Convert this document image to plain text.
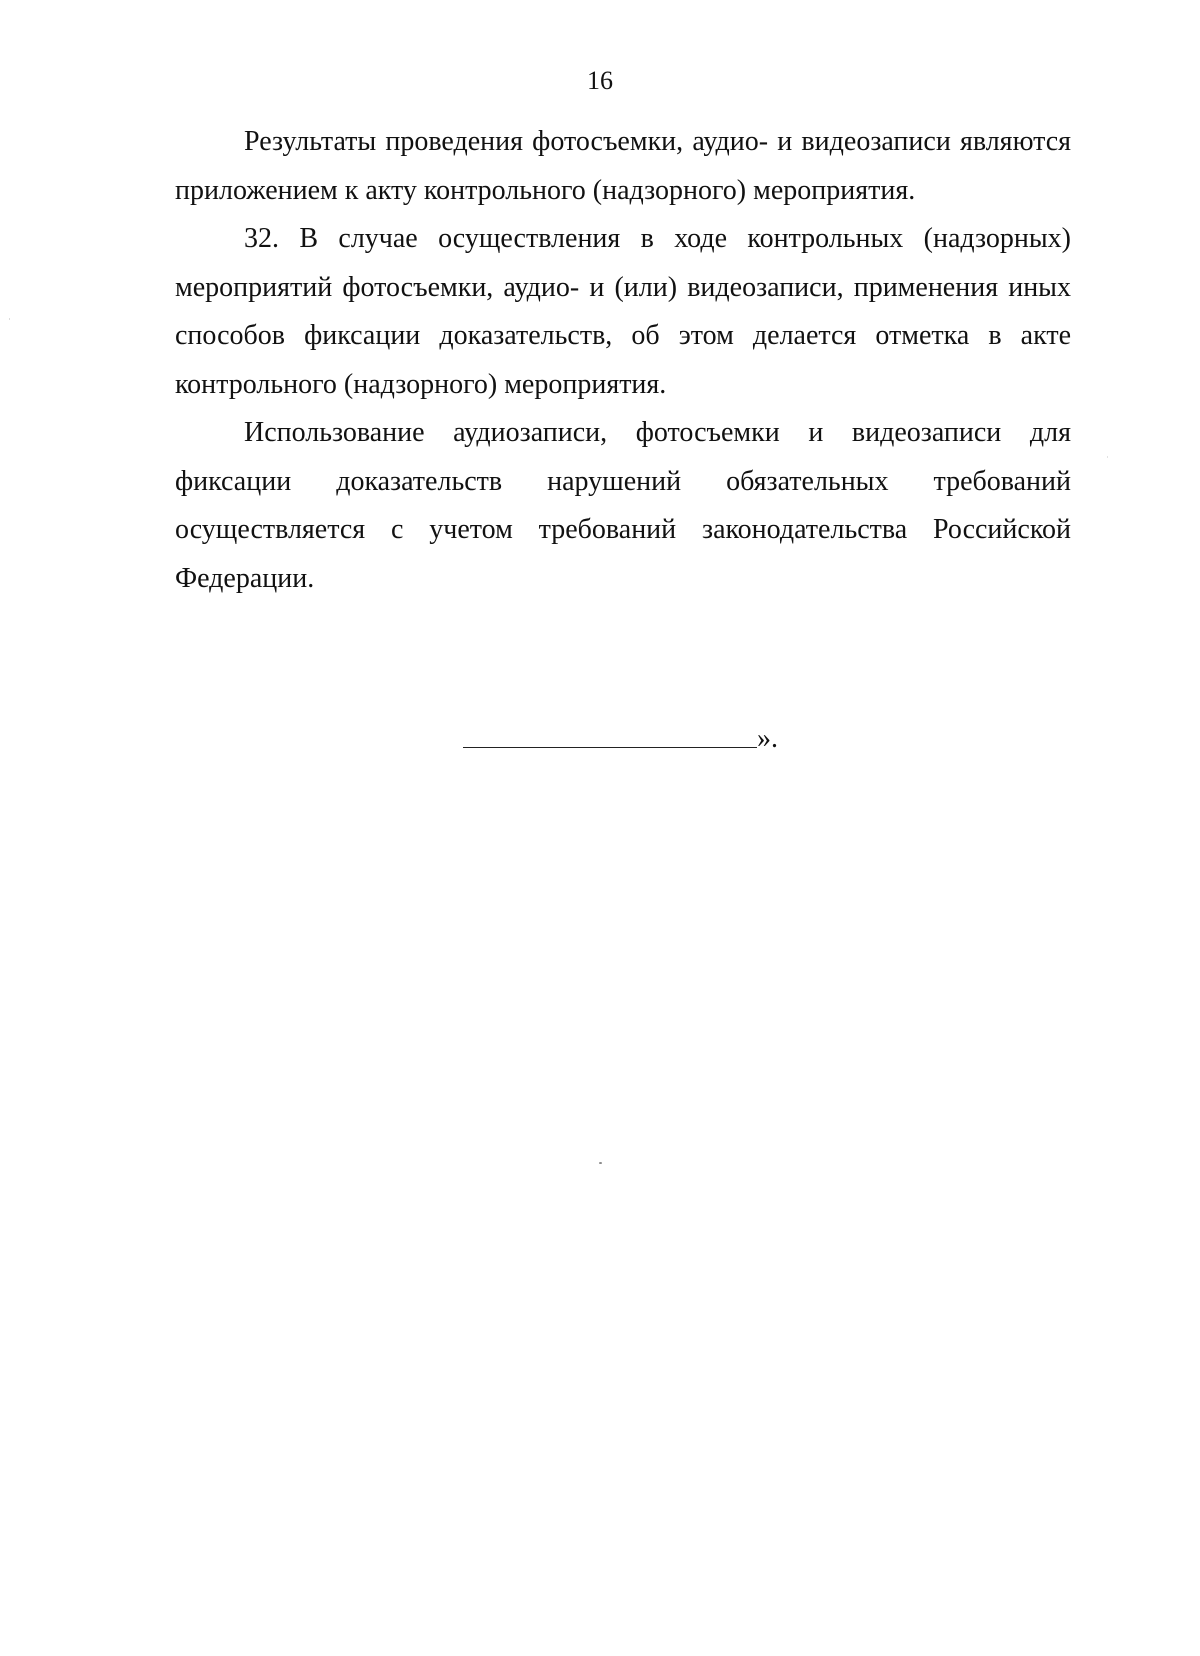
16
Результаты проведения фотосъемки, аудио- и видеозаписи являются
приложением к акту контрольного (надзорного) мероприятия.
32. В случае осуществления в ходе контрольных (надзорных)
мероприятий фотосъемки, аудио- и (или) видеозаписи, применения иных
способов фиксации доказательств, об этом делается отметка в акте
контрольного (надзорного) мероприятия.
Использование аудиозаписи, фотосъемки и видеозаписи для
фиксации доказательств нарушений обязательных требований
осуществляется с учетом требований законодательства Российской
Федерации.
».
